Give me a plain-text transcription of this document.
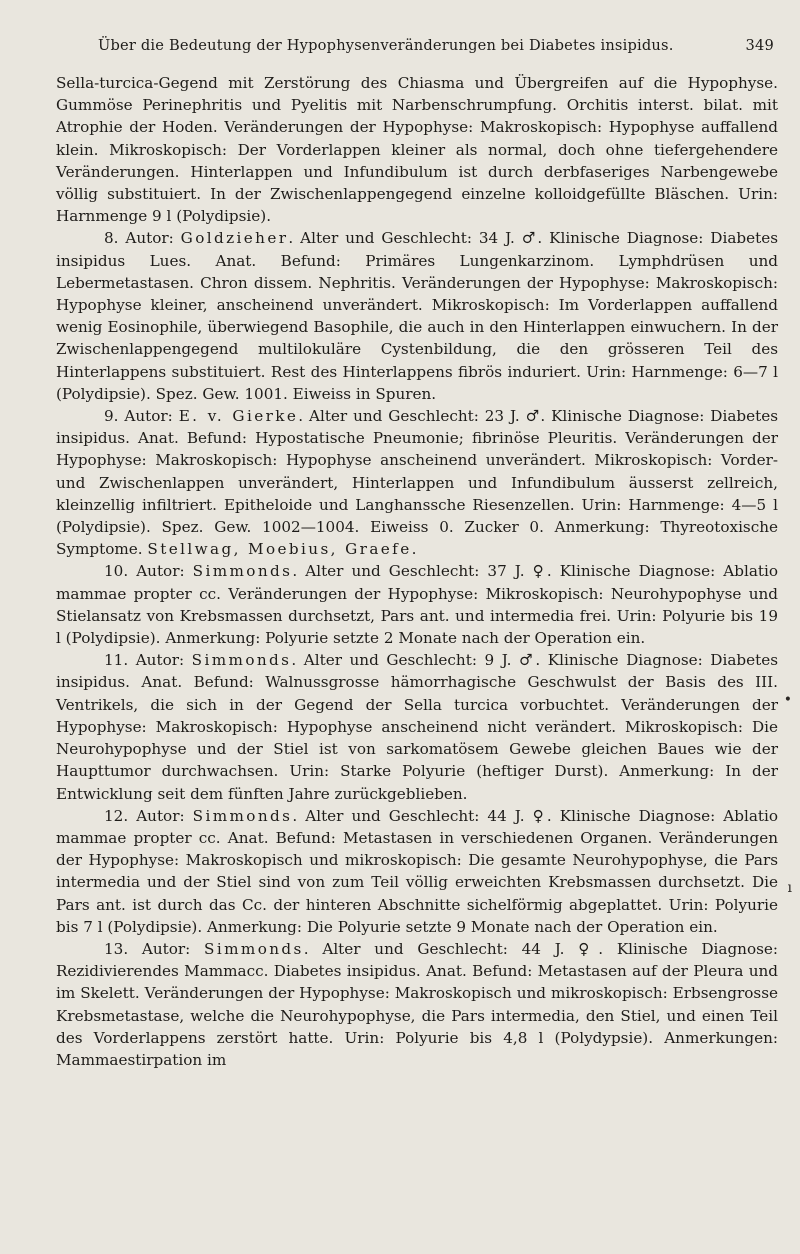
Über die Bedeutung der Hypophysenveränderungen bei Diabetes insipidus.	349

Sella-turcica-Gegend mit Zerstörung des Chiasma und Übergreifen auf die Hypophyse. Gummöse Perinephritis und Pyelitis mit Narbenschrumpfung. Orchitis interst. bilat. mit Atrophie der Hoden. Veränderungen der Hypophyse: Makroskopisch: Hypophyse auffallend klein. Mikroskopisch: Der Vorderlappen kleiner als normal, doch ohne tiefergehendere Veränderungen. Hinterlappen und Infundibulum ist durch derbfaseriges Narbengewebe völlig substituiert. In der Zwischenlappengegend einzelne kolloidgefüllte Bläschen. Urin: Harnmenge 9 l (Polydipsie).

8. Autor: Goldzieher. Alter und Geschlecht: 34 J. ♂. Klinische Diagnose: Diabetes insipidus Lues. Anat. Befund: Primäres Lungenkarzinom. Lymphdrüsen und Lebermetastasen. Chron dissem. Nephritis. Veränderungen der Hypophyse: Makroskopisch: Hypophyse kleiner, anscheinend unverändert. Mikroskopisch: Im Vorderlappen auffallend wenig Eosinophile, überwiegend Basophile, die auch in den Hinterlappen einwuchern. In der Zwischenlappengegend multilokuläre Cystenbildung, die den grösseren Teil des Hinterlappens substituiert. Rest des Hinterlappens fibrös induriert. Urin: Harnmenge: 6—7 l (Polydipsie). Spez. Gew. 1001. Eiweiss in Spuren.

9. Autor: E. v. Gierke. Alter und Geschlecht: 23 J. ♂. Klinische Diagnose: Diabetes insipidus. Anat. Befund: Hypostatische Pneumonie; fibrinöse Pleuritis. Veränderungen der Hypophyse: Makroskopisch: Hypophyse anscheinend unverändert. Mikroskopisch: Vorder- und Zwischenlappen unverändert, Hinterlappen und Infundibulum äusserst zellreich, kleinzellig infiltriert. Epitheloide und Langhanssche Riesenzellen. Urin: Harnmenge: 4—5 l (Polydipsie). Spez. Gew. 1002—1004. Eiweiss 0. Zucker 0. Anmerkung: Thyreotoxische Symptome. Stellwag, Moebius, Graefe.

10. Autor: Simmonds. Alter und Geschlecht: 37 J. ♀. Klinische Diagnose: Ablatio mammae propter cc. Veränderungen der Hypophyse: Mikroskopisch: Neurohypophyse und Stielansatz von Krebsmassen durchsetzt, Pars ant. und intermedia frei. Urin: Polyurie bis 19 l (Polydipsie). Anmerkung: Polyurie setzte 2 Monate nach der Operation ein.

11. Autor: Simmonds. Alter und Geschlecht: 9 J. ♂. Klinische Diagnose: Diabetes insipidus. Anat. Befund: Walnussgrosse hämorrhagische Geschwulst der Basis des III. Ventrikels, die sich in der Gegend der Sella turcica vorbuchtet. Veränderungen der Hypophyse: Makroskopisch: Hypophyse anscheinend nicht verändert. Mikroskopisch: Die Neurohypophyse und der Stiel ist von sarkomatösem Gewebe gleichen Baues wie der Haupttumor durchwachsen. Urin: Starke Polyurie (heftiger Durst). Anmerkung: In der Entwicklung seit dem fünften Jahre zurückgeblieben.

12. Autor: Simmonds. Alter und Geschlecht: 44 J. ♀. Klinische Diagnose: Ablatio mammae propter cc. Anat. Befund: Metastasen in verschiedenen Organen. Veränderungen der Hypophyse: Makroskopisch und mikroskopisch: Die gesamte Neurohypophyse, die Pars intermedia und der Stiel sind von zum Teil völlig erweichten Krebsmassen durchsetzt. Die Pars ant. ist durch das Cc. der hinteren Abschnitte sichelförmig abgeplattet. Urin: Polyurie bis 7 l (Polydipsie). Anmerkung: Die Polyurie setzte 9 Monate nach der Operation ein.

13. Autor: Simmonds. Alter und Geschlecht: 44 J. ♀. Klinische Diagnose: Rezidivierendes Mammacc. Diabetes insipidus. Anat. Befund: Metastasen auf der Pleura und im Skelett. Veränderungen der Hypophyse: Makroskopisch und mikroskopisch: Erbsengrosse Krebsmetastase, welche die Neurohypophyse, die Pars intermedia, den Stiel, und einen Teil des Vorderlappens zerstört hatte. Urin: Polyurie bis 4,8 l (Polydypsie). Anmerkungen: Mammaestirpation im

•
ı
